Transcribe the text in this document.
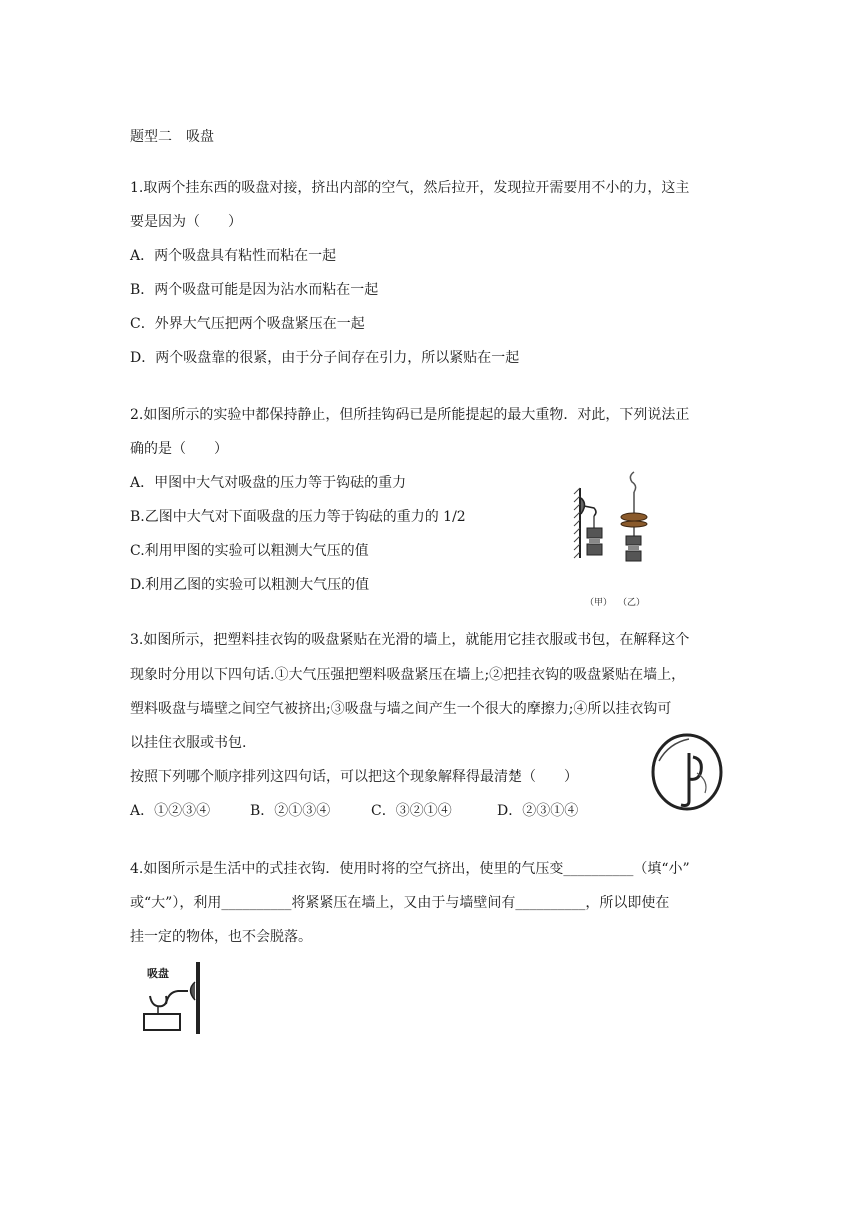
题型二　吸盘
1.取两个挂东西的吸盘对接，挤出内部的空气，然后拉开，发现拉开需要用不小的力，这主
要是因为（　　）
A．两个吸盘具有粘性而粘在一起
B．两个吸盘可能是因为沾水而粘在一起
C．外界大气压把两个吸盘紧压在一起
D．两个吸盘靠的很紧，由于分子间存在引力，所以紧贴在一起
2.如图所示的实验中都保持静止，但所挂钩码已是所能提起的最大重物．对此，下列说法正
确的是（　　）
A．甲图中大气对吸盘的压力等于钩砝的重力
B.乙图中大气对下面吸盘的压力等于钩砝的重力的 1/2
C.利用甲图的实验可以粗测大气压的值
D.利用乙图的实验可以粗测大气压的值
（甲） （乙）
3.如图所示，把塑料挂衣钩的吸盘紧贴在光滑的墙上，就能用它挂衣服或书包，在解释这个
现象时分用以下四句话.①大气压强把塑料吸盘紧压在墙上;②把挂衣钩的吸盘紧贴在墙上，
塑料吸盘与墙壁之间空气被挤出;③吸盘与墙之间产生一个很大的摩擦力;④所以挂衣钩可
以挂住衣服或书包.
按照下列哪个顺序排列这四句话，可以把这个现象解释得最清楚（　　）
A．①②③④	B．②①③④	C．③②①④	D．②③①④
4.如图所示是生活中的式挂衣钩．使用时将的空气挤出，使里的气压变__________（填“小”
或“大”），利用__________将紧紧压在墙上，又由于与墙壁间有__________，所以即使在
挂一定的物体，也不会脱落。
吸盘
